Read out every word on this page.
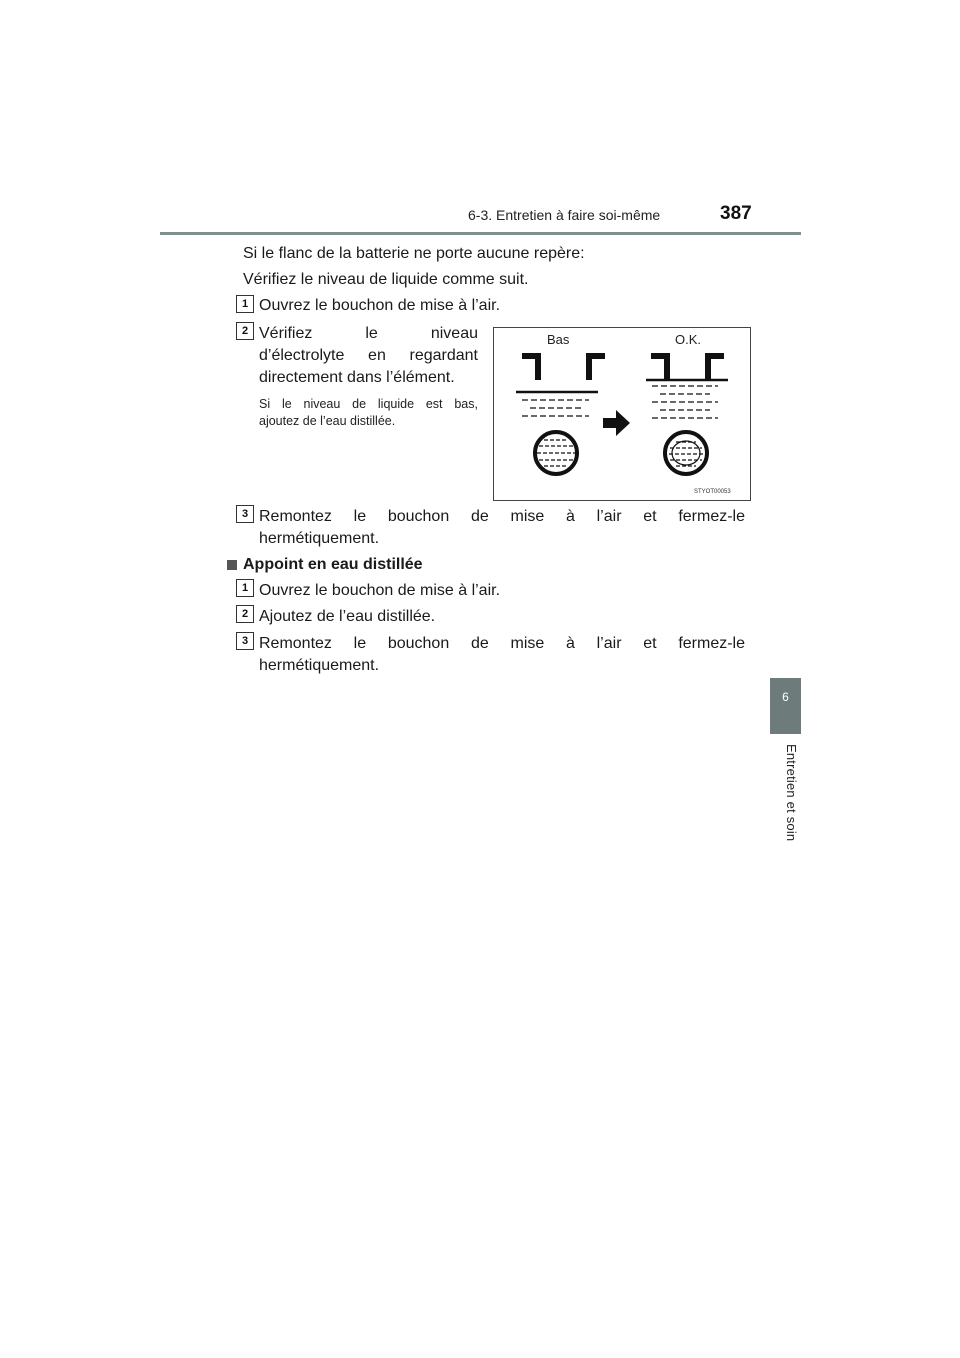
6-3. Entretien à faire soi-même	387
6
Entretien et soin
Si le flanc de la batterie ne porte aucune repère:
Vérifiez le niveau de liquide comme suit.
1 Ouvrez le bouchon de mise à l’air.
2 Vérifiez le niveau
d’électrolyte en regardant
directement dans l’élément.
Si le niveau de liquide est bas,
ajoutez de l’eau distillée.
Bas	O.K.
STYOT00053
3 Remontez le bouchon de mise à l’air et fermez-le
hermétiquement.
Appoint en eau distillée
1 Ouvrez le bouchon de mise à l’air.
2 Ajoutez de l’eau distillée.
3 Remontez le bouchon de mise à l’air et fermez-le
hermétiquement.
